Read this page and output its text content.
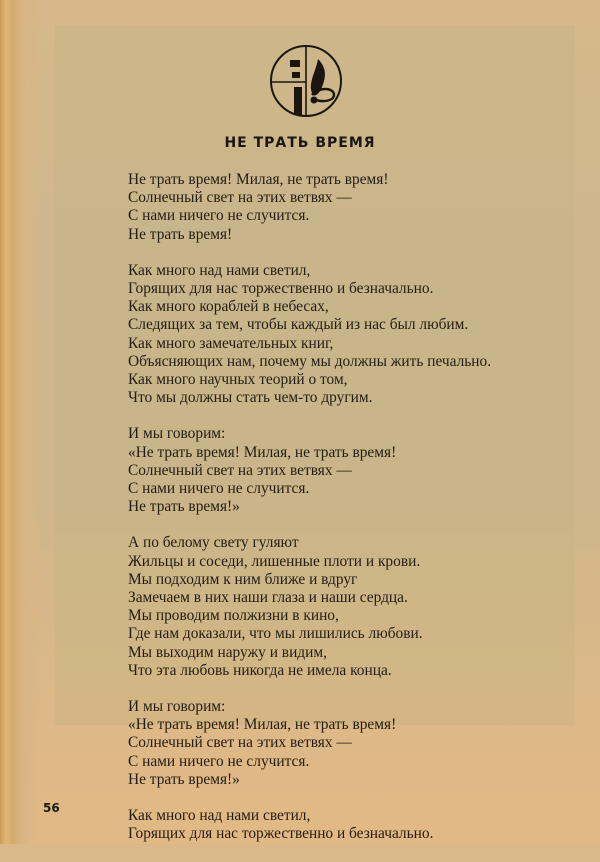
НЕ ТРАТЬ ВРЕМЯ
Не трать время! Милая, не трать время!
Солнечный свет на этих ветвях —
С нами ничего не случится.
Не трать время!
Как много над нами светил,
Горящих для нас торжественно и безначально.
Как много кораблей в небесах,
Следящих за тем, чтобы каждый из нас был любим.
Как много замечательных книг,
Объясняющих нам, почему мы должны жить печально.
Как много научных теорий о том,
Что мы должны стать чем-то другим.
И мы говорим:
«Не трать время! Милая, не трать время!
Солнечный свет на этих ветвях —
С нами ничего не случится.
Не трать время!»
А по белому свету гуляют
Жильцы и соседи, лишенные плоти и крови.
Мы подходим к ним ближе и вдруг
Замечаем в них наши глаза и наши сердца.
Мы проводим полжизни в кино,
Где нам доказали, что мы лишились любови.
Мы выходим наружу и видим,
Что эта любовь никогда не имела конца.
И мы говорим:
«Не трать время! Милая, не трать время!
Солнечный свет на этих ветвях —
С нами ничего не случится.
Не трать время!»
Как много над нами светил,
Горящих для нас торжественно и безначально.
56
